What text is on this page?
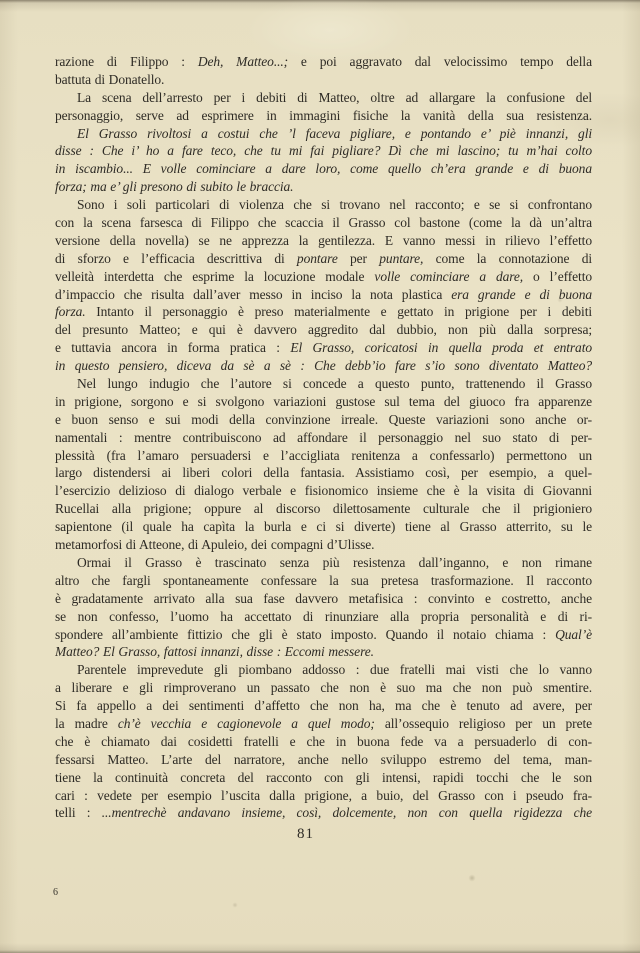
razione di Filippo : Deh, Matteo...; e poi aggravato dal velocissimo tempo della
battuta di Donatello.
La scena dell’arresto per i debiti di Matteo, oltre ad allargare la confusione del
personaggio, serve ad esprimere in immagini fisiche la vanità della sua resistenza.
El Grasso rivoltosi a costui che ’l faceva pigliare, e pontando e’ piè innanzi, gli
disse : Che i’ ho a fare teco, che tu mi fai pigliare? Dì che mi lascino; tu m’hai colto
in iscambio... E volle cominciare a dare loro, come quello ch’era grande e di buona
forza; ma e’ gli presono di subito le braccia.
Sono i soli particolari di violenza che si trovano nel racconto; e se si confrontano
con la scena farsesca di Filippo che scaccia il Grasso col bastone (come la dà un’altra
versione della novella) se ne apprezza la gentilezza. E vanno messi in rilievo l’effetto
di sforzo e l’efficacia descrittiva di pontare per puntare, come la connotazione di
velleità interdetta che esprime la locuzione modale volle cominciare a dare, o l’effetto
d’impaccio che risulta dall’aver messo in inciso la nota plastica era grande e di buona
forza. Intanto il personaggio è preso materialmente e gettato in prigione per i debiti
del presunto Matteo; e qui è davvero aggredito dal dubbio, non più dalla sorpresa;
e tuttavia ancora in forma pratica : El Grasso, coricatosi in quella proda et entrato
in questo pensiero, diceva da sè a sè : Che debb’io fare s’io sono diventato Matteo?
Nel lungo indugio che l’autore si concede a questo punto, trattenendo il Grasso
in prigione, sorgono e si svolgono variazioni gustose sul tema del giuoco fra apparenze
e buon senso e sui modi della convinzione irreale. Queste variazioni sono anche or-
namentali : mentre contribuiscono ad affondare il personaggio nel suo stato di per-
plessità (fra l’amaro persuadersi e l’accigliata renitenza a confessarlo) permettono un
largo distendersi ai liberi colori della fantasia. Assistiamo così, per esempio, a quel-
l’esercizio delizioso di dialogo verbale e fisionomico insieme che è la visita di Giovanni
Rucellai alla prigione; oppure al discorso dilettosamente culturale che il prigioniero
sapientone (il quale ha capìta la burla e ci si diverte) tiene al Grasso atterrito, su le
metamorfosi di Atteone, di Apuleio, dei compagni d’Ulisse.
Ormai il Grasso è trascinato senza più resistenza dall’inganno, e non rimane
altro che fargli spontaneamente confessare la sua pretesa trasformazione. Il racconto
è gradatamente arrivato alla sua fase davvero metafisica : convinto e costretto, anche
se non confesso, l’uomo ha accettato di rinunziare alla propria personalità e di ri-
spondere all’ambiente fittizio che gli è stato imposto. Quando il notaio chiama : Qual’è
Matteo? El Grasso, fattosi innanzi, disse : Eccomi messere.
Parentele imprevedute gli piombano addosso : due fratelli mai visti che lo vanno
a liberare e gli rimproverano un passato che non è suo ma che non può smentire.
Si fa appello a dei sentimenti d’affetto che non ha, ma che è tenuto ad avere, per
la madre ch’è vecchia e cagionevole a quel modo; all’ossequio religioso per un prete
che è chiamato dai cosidetti fratelli e che in buona fede va a persuaderlo di con-
fessarsi Matteo. L’arte del narratore, anche nello sviluppo estremo del tema, man-
tiene la continuità concreta del racconto con gli intensi, rapidi tocchi che le son
cari : vedete per esempio l’uscita dalla prigione, a buio, del Grasso con i pseudo fra-
telli : ...mentrechè andavano insieme, così, dolcemente, non con quella rigidezza che
81
6
